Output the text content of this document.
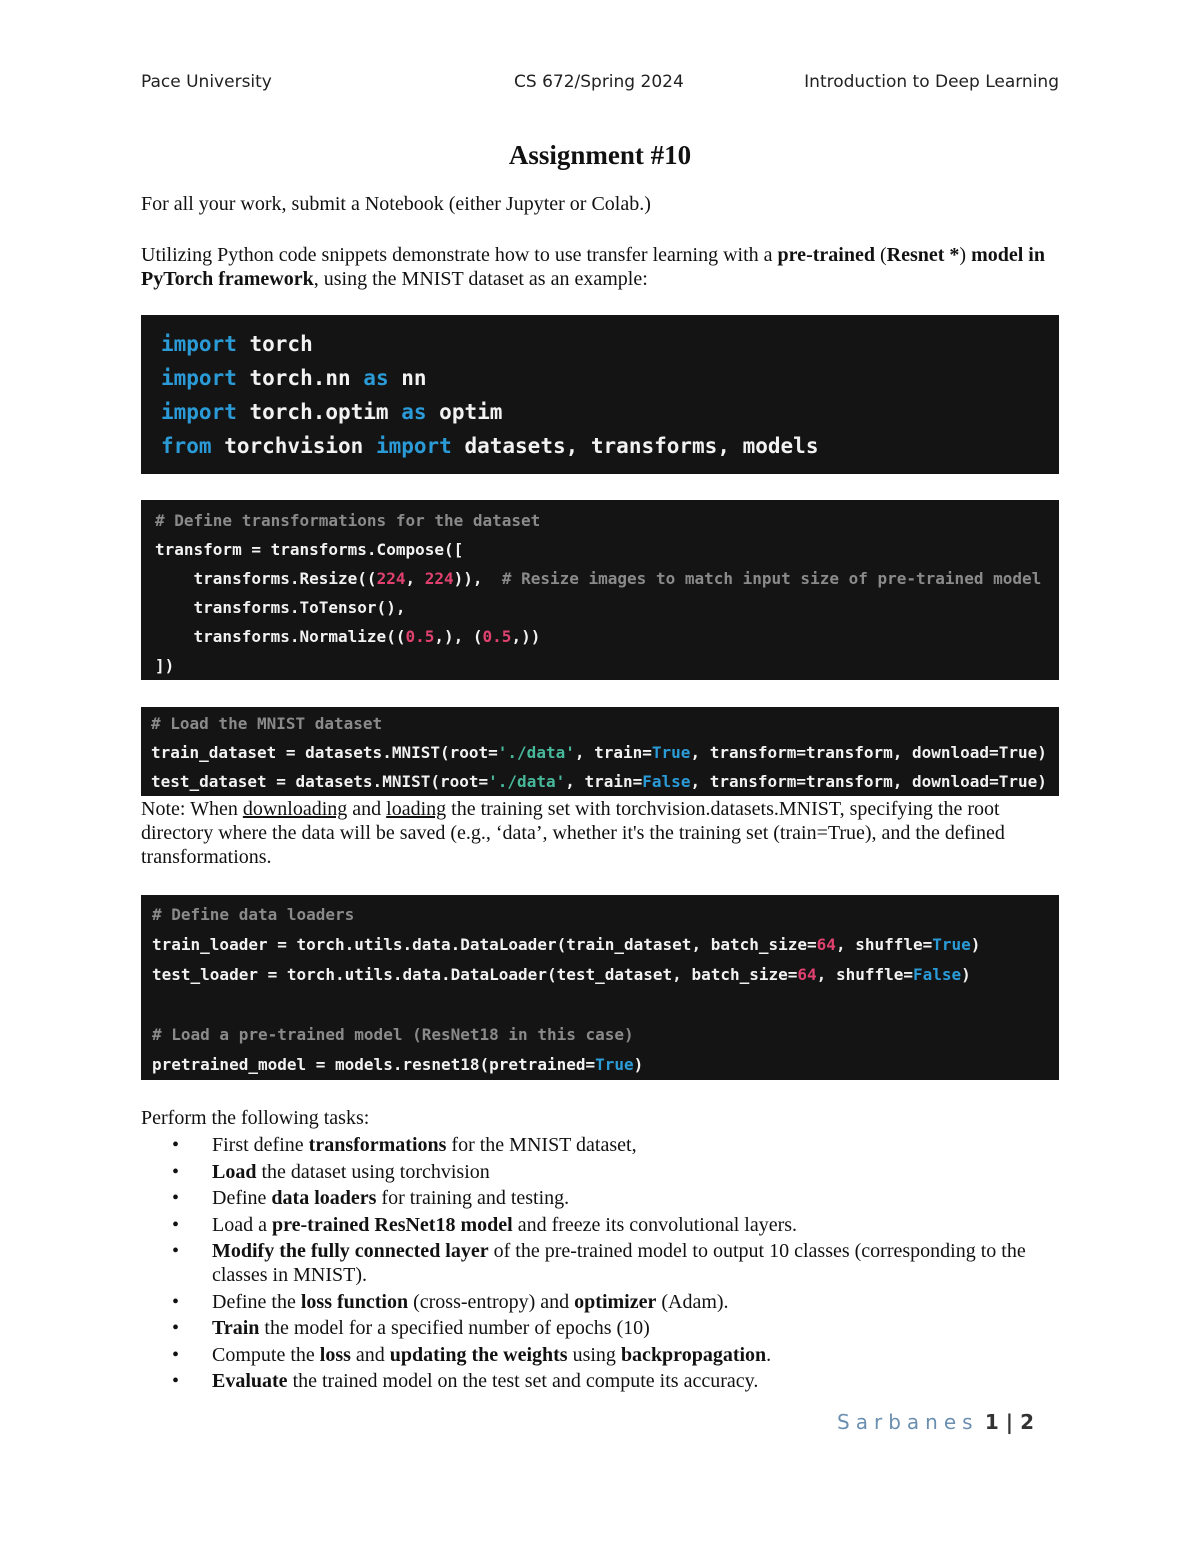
Pace University	CS 672/Spring 2024	Introduction to Deep Learning
Assignment #10

For all your work, submit a Notebook (either Jupyter or Colab.)

Utilizing Python code snippets demonstrate how to use transfer learning with a pre-trained (Resnet *) model in PyTorch framework, using the MNIST dataset as an example:

import torch
import torch.nn as nn
import torch.optim as optim
from torchvision import datasets, transforms, models
# Define transformations for the dataset
transform = transforms.Compose([
transforms.Resize((224, 224)),  # Resize images to match input size of pre-trained model
transforms.ToTensor(),
transforms.Normalize((0.5,), (0.5,))
])
# Load the MNIST dataset
train_dataset = datasets.MNIST(root='./data', train=True, transform=transform, download=True)
test_dataset = datasets.MNIST(root='./data', train=False, transform=transform, download=True)

Note: When downloading and loading the training set with torchvision.datasets.MNIST, specifying the root directory where the data will be saved (e.g., ‘data’, whether it's the training set (train=True), and the defined transformations.

# Define data loaders
train_loader = torch.utils.data.DataLoader(train_dataset, batch_size=64, shuffle=True)
test_loader = torch.utils.data.DataLoader(test_dataset, batch_size=64, shuffle=False)

# Load a pre-trained model (ResNet18 in this case)
pretrained_model = models.resnet18(pretrained=True)

Perform the following tasks:

• First define transformations for the MNIST dataset,
• Load the dataset using torchvision
• Define data loaders for training and testing.
• Load a pre-trained ResNet18 model and freeze its convolutional layers.
• Modify the fully connected layer of the pre-trained model to output 10 classes (corresponding to the classes in MNIST).
• Define the loss function (cross-entropy) and optimizer (Adam).
• Train the model for a specified number of epochs (10)
• Compute the loss and updating the weights using backpropagation.
• Evaluate the trained model on the test set and compute its accuracy.
Sarbanes 1 | 2
